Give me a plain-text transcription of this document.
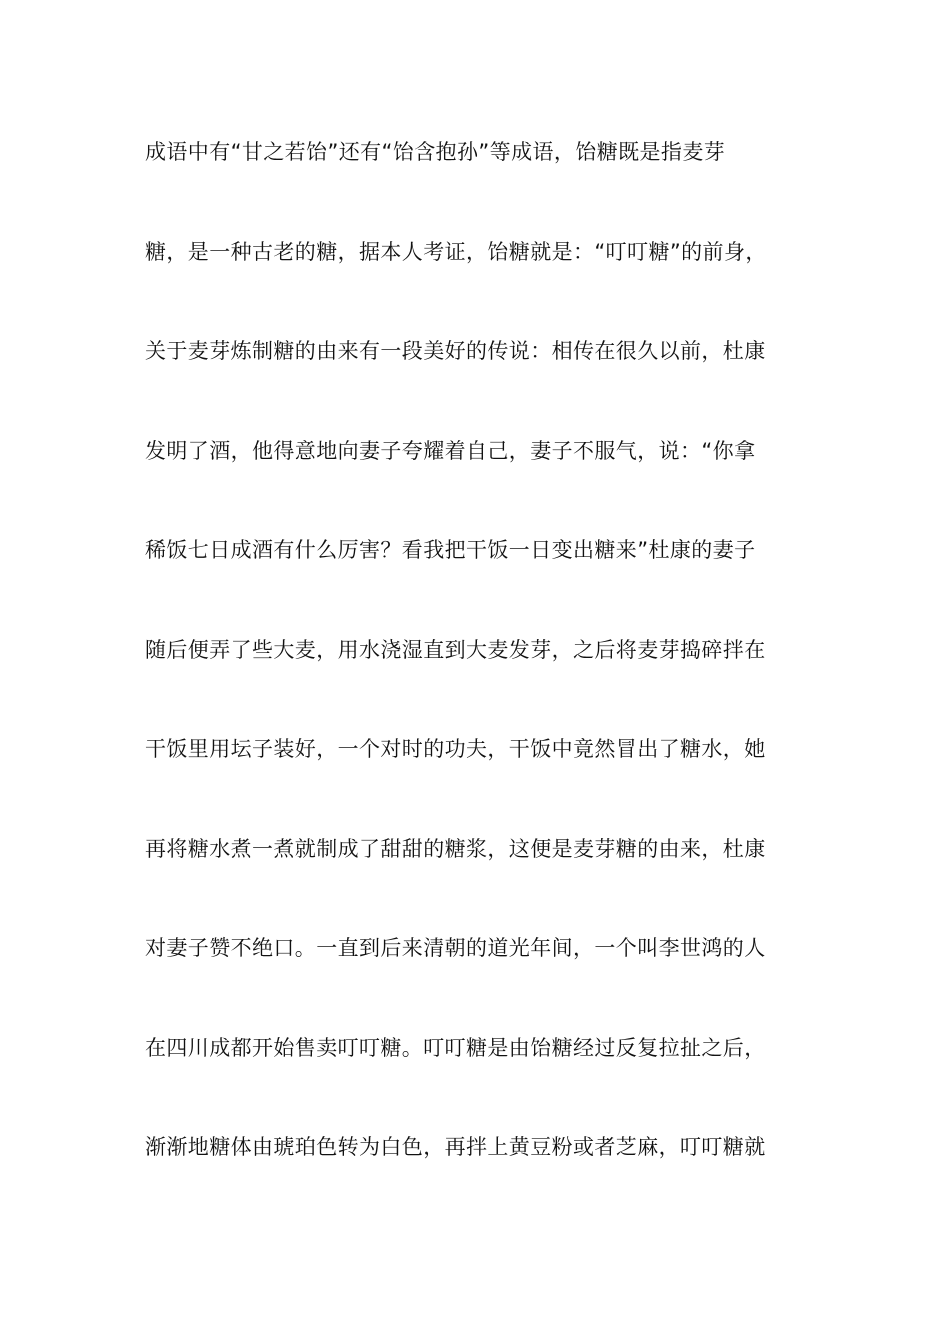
成语中有“甘之若饴”还有“饴含抱孙”等成语，饴糖既是指麦芽
糖，是一种古老的糖，据本人考证，饴糖就是：“叮叮糖”的前身，
关于麦芽炼制糖的由来有一段美好的传说：相传在很久以前，杜康
发明了酒，他得意地向妻子夸耀着自己，妻子不服气，说：“你拿
稀饭七日成酒有什么厉害？看我把干饭一日变出糖来”杜康的妻子
随后便弄了些大麦，用水浇湿直到大麦发芽，之后将麦芽捣碎拌在
干饭里用坛子装好，一个对时的功夫，干饭中竟然冒出了糖水，她
再将糖水煮一煮就制成了甜甜的糖浆，这便是麦芽糖的由来，杜康
对妻子赞不绝口。一直到后来清朝的道光年间，一个叫李世鸿的人
在四川成都开始售卖叮叮糖。叮叮糖是由饴糖经过反复拉扯之后，
渐渐地糖体由琥珀色转为白色，再拌上黄豆粉或者芝麻，叮叮糖就
